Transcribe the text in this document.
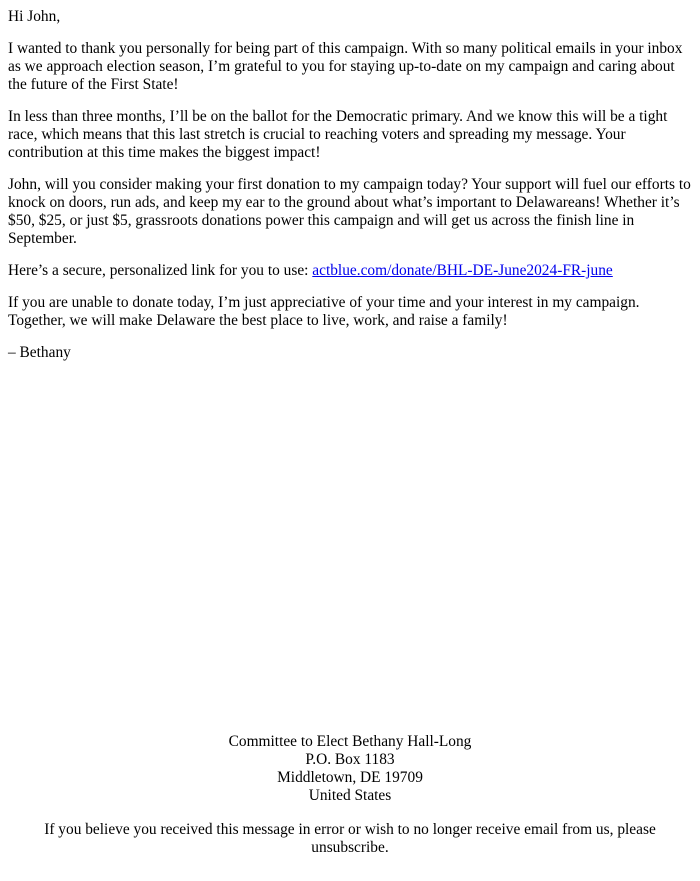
Hi John,

I wanted to thank you personally for being part of this campaign. With so many political emails in your inbox as we approach election season, I’m grateful to you for staying up-to-date on my campaign and caring about the future of the First State!

In less than three months, I’ll be on the ballot for the Democratic primary. And we know this will be a tight race, which means that this last stretch is crucial to reaching voters and spreading my message. Your contribution at this time makes the biggest impact!

John, will you consider making your first donation to my campaign today? Your support will fuel our efforts to knock on doors, run ads, and keep my ear to the ground about what’s important to Delawareans! Whether it’s $50, $25, or just $5, grassroots donations power this campaign and will get us across the finish line in September.

Here’s a secure, personalized link for you to use: actblue.com/donate/BHL-DE-June2024-FR-june

If you are unable to donate today, I’m just appreciative of your time and your interest in my campaign. Together, we will make Delaware the best place to live, work, and raise a family!

– Bethany

Committee to Elect Bethany Hall-Long
P.O. Box 1183
Middletown, DE 19709
United States
If you believe you received this message in error or wish to no longer receive email from us, please unsubscribe.
